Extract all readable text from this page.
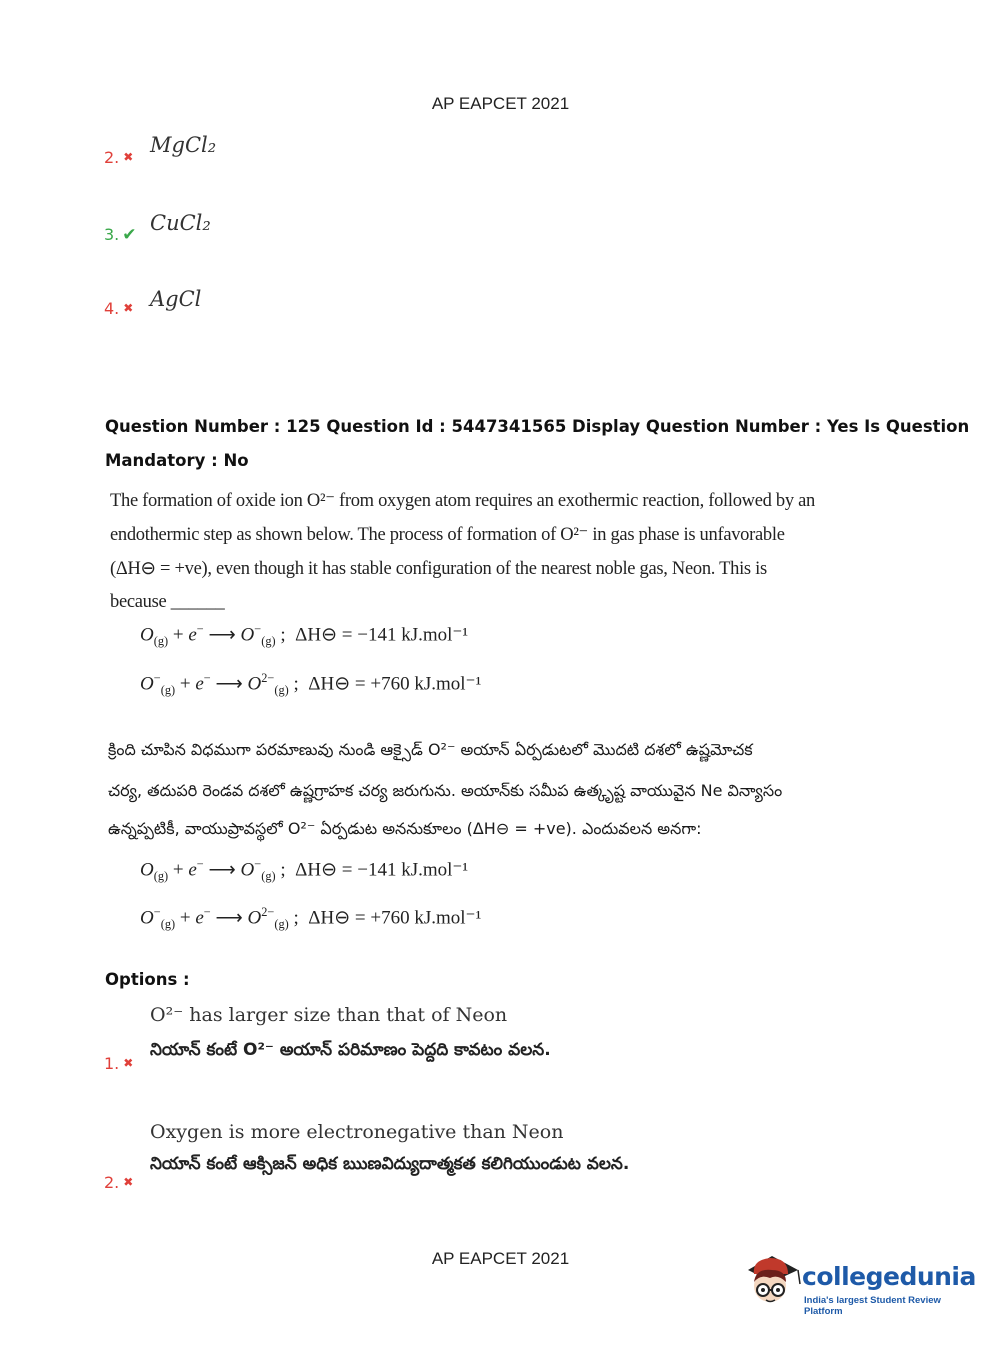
AP EAPCET 2021
2. ✖ MgCl₂
3. ✔ CuCl₂
4. ✖ AgCl
Question Number : 125 Question Id : 5447341565 Display Question Number : Yes Is Question
Mandatory : No
The formation of oxide ion O²⁻ from oxygen atom requires an exothermic reaction, followed by an
endothermic step as shown below. The process of formation of O²⁻ in gas phase is unfavorable
(ΔH⊖ = +ve), even though it has stable configuration of the nearest noble gas, Neon. This is
because ______
$O_{(g)} + e^-$ ⟶ $O^-_{(g)}$ ;  ΔH⊖ = −141 kJ.mol⁻¹
$O^-_{(g)} + e^-$ ⟶ $O^{2-}_{(g)}$ ;  ΔH⊖ = +760 kJ.mol⁻¹
క్రింది చూపిన విధముగా పరమాణువు నుండి ఆక్సైడ్ O²⁻ అయాన్ ఏర్పడుటలో మొదటి దశలో ఉష్ణమోచక
చర్య, తదుపరి రెండవ దశలో ఉష్ణగ్రాహక చర్య జరుగును. అయాన్‌కు సమీప ఉత్కృష్ట వాయువైన Ne విన్యాసం
ఉన్నప్పటికీ, వాయుప్రావస్థలో O²⁻ ఏర్పడుట అననుకూలం (ΔH⊖ = +ve). ఎందువలన అనగా:
$O_{(g)} + e^-$ ⟶ $O^-_{(g)}$ ;  ΔH⊖ = −141 kJ.mol⁻¹
$O^-_{(g)} + e^-$ ⟶ $O^{2-}_{(g)}$ ;  ΔH⊖ = +760 kJ.mol⁻¹
Options :
O²⁻ has larger size than that of Neon
నియాన్ కంటే O²⁻ అయాన్ పరిమాణం పెద్దది కావటం వలన.
1. ✖
Oxygen is more electronegative than Neon
నియాన్ కంటే ఆక్సిజన్ అధిక ఋణవిద్యుదాత్మకత కలిగియుండుట వలన.
2. ✖
AP EAPCET 2021
collegedunia
India's largest Student Review Platform
